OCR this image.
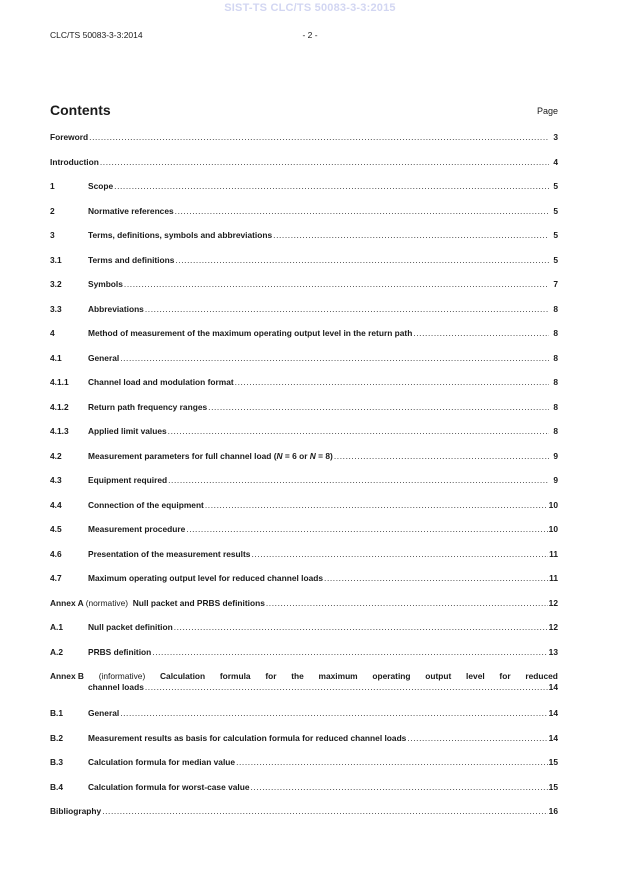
SIST-TS CLC/TS 50083-3-3:2015
CLC/TS 50083-3-3:2014	- 2 -
Contents	Page
Foreword .....	3
Introduction .....	4
1	Scope .....	5
2	Normative references .....	5
3	Terms, definitions, symbols and abbreviations .....	5
3.1	Terms and definitions .....	5
3.2	Symbols .....	7
3.3	Abbreviations .....	8
4	Method of measurement of the maximum operating output level in the return path .....	8
4.1	General .....	8
4.1.1	Channel load and modulation format .....	8
4.1.2	Return path frequency ranges .....	8
4.1.3	Applied limit values .....	8
4.2	Measurement parameters for full channel load (N = 6 or N = 8) .....	9
4.3	Equipment required .....	9
4.4	Connection of the equipment .....	10
4.5	Measurement procedure .....	10
4.6	Presentation of the measurement results .....	11
4.7	Maximum operating output level for reduced channel loads .....	11
Annex A (normative) Null packet and PRBS definitions .....	12
A.1	Null packet definition .....	12
A.2	PRBS definition .....	13
Annex B (informative) Calculation formula for the maximum operating output level for reduced
channel loads .....	14
B.1	General .....	14
B.2	Measurement results as basis for calculation formula for reduced channel loads .....	14
B.3	Calculation formula for median value .....	15
B.4	Calculation formula for worst-case value .....	15
Bibliography .....	16
